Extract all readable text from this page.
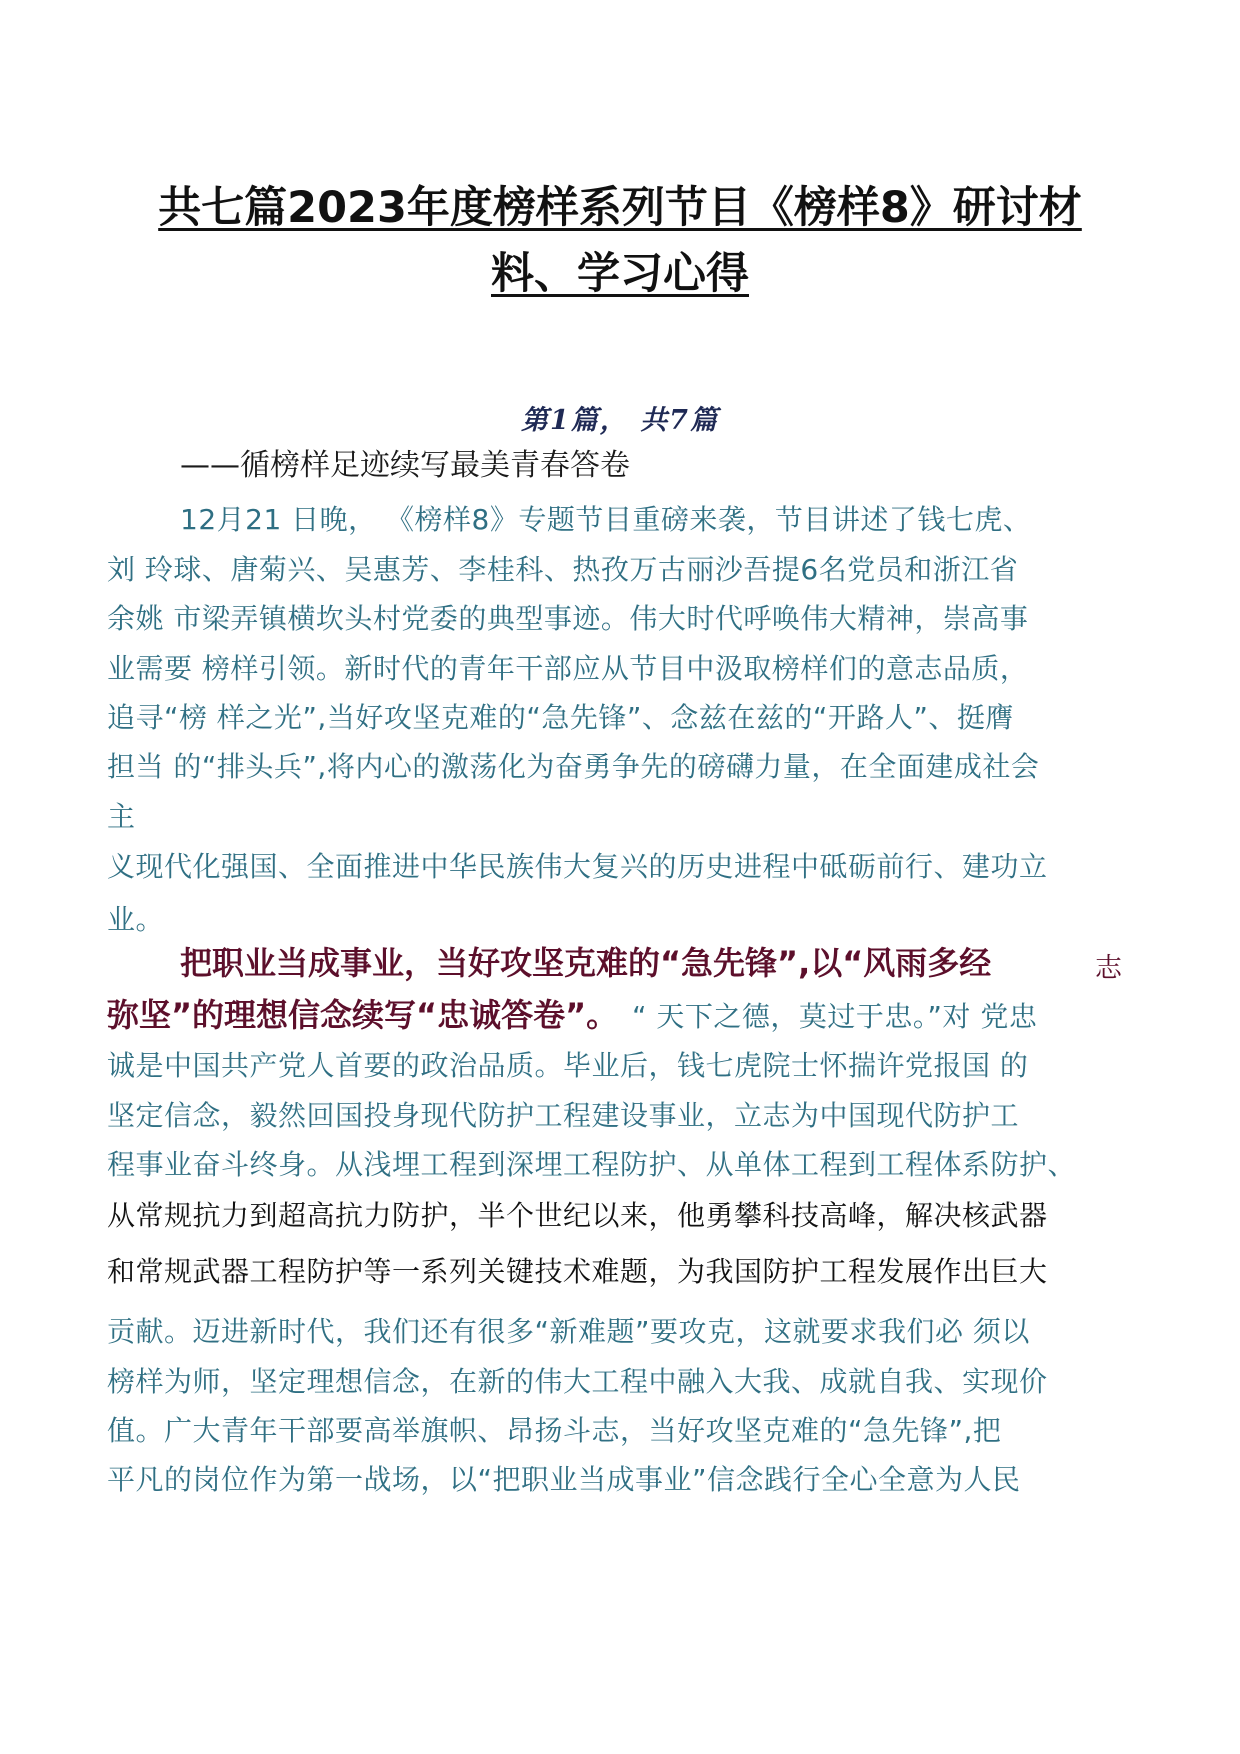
共七篇2023年度榜样系列节目《榜样8》研讨材
料、学习心得
第1篇， 共7篇
——循榜样足迹续写最美青春答卷
12月21 日晚， 《榜样8》专题节目重磅来袭，节目讲述了钱七虎、
刘 玲球、唐菊兴、吴惠芳、李桂科、热孜万古丽沙吾提6名党员和浙江省
余姚 市梁弄镇横坎头村党委的典型事迹。伟大时代呼唤伟大精神，崇高事
业需要 榜样引领。新时代的青年干部应从节目中汲取榜样们的意志品质，
追寻“榜 样之光”,当好攻坚克难的“急先锋”、念兹在兹的“开路人”、挺膺
担当 的“排头兵”,将内心的激荡化为奋勇争先的磅礴力量，在全面建成社会
主
义现代化强国、全面推进中华民族伟大复兴的历史进程中砥砺前行、建功立
业。
把职业当成事业，当好攻坚克难的“急先锋”,以“风雨多经	志
弥坚”的理想信念续写“忠诚答卷”。 “ 天下之德，莫过于忠。”对 党忠
诚是中国共产党人首要的政治品质。毕业后，钱七虎院士怀揣许党报国 的
坚定信念，毅然回国投身现代防护工程建设事业，立志为中国现代防护工
程事业奋斗终身。从浅埋工程到深埋工程防护、从单体工程到工程体系防护、
从常规抗力到超高抗力防护，半个世纪以来，他勇攀科技高峰，解决核武器
和常规武器工程防护等一系列关键技术难题，为我国防护工程发展作出巨大
贡献。迈进新时代，我们还有很多“新难题”要攻克，这就要求我们必 须以
榜样为师，坚定理想信念，在新的伟大工程中融入大我、成就自我、实现价
值。广大青年干部要高举旗帜、昂扬斗志，当好攻坚克难的“急先锋”,把
平凡的岗位作为第一战场，以“把职业当成事业”信念践行全心全意为人民
